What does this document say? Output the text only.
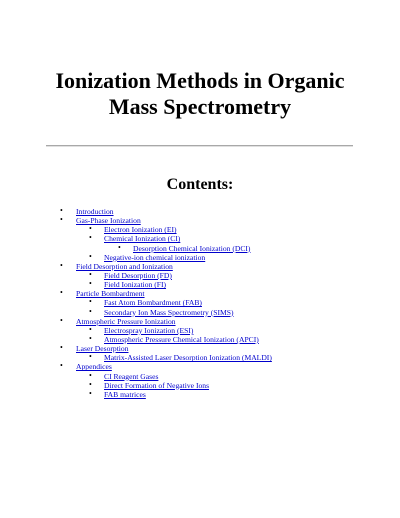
Ionization Methods in Organic
Mass Spectrometry
Contents:
• Introduction
• Gas-Phase Ionization
• Electron Ionization (EI)
• Chemical Ionization (CI)
• Desorption Chemical Ionization (DCI)
• Negative-ion chemical ionization
• Field Desorption and Ionization
• Field Desorption (FD)
• Field Ionization (FI)
• Particle Bombardment
• Fast Atom Bombardment (FAB)
• Secondary Ion Mass Spectrometry (SIMS)
• Atmospheric Pressure Ionization
• Electrospray Ionization (ESI)
• Atmospheric Pressure Chemical Ionization (APCI)
• Laser Desorption
• Matrix-Assisted Laser Desorption Ionization (MALDI)
• Appendices
• CI Reagent Gases
• Direct Formation of Negative Ions
• FAB matrices
